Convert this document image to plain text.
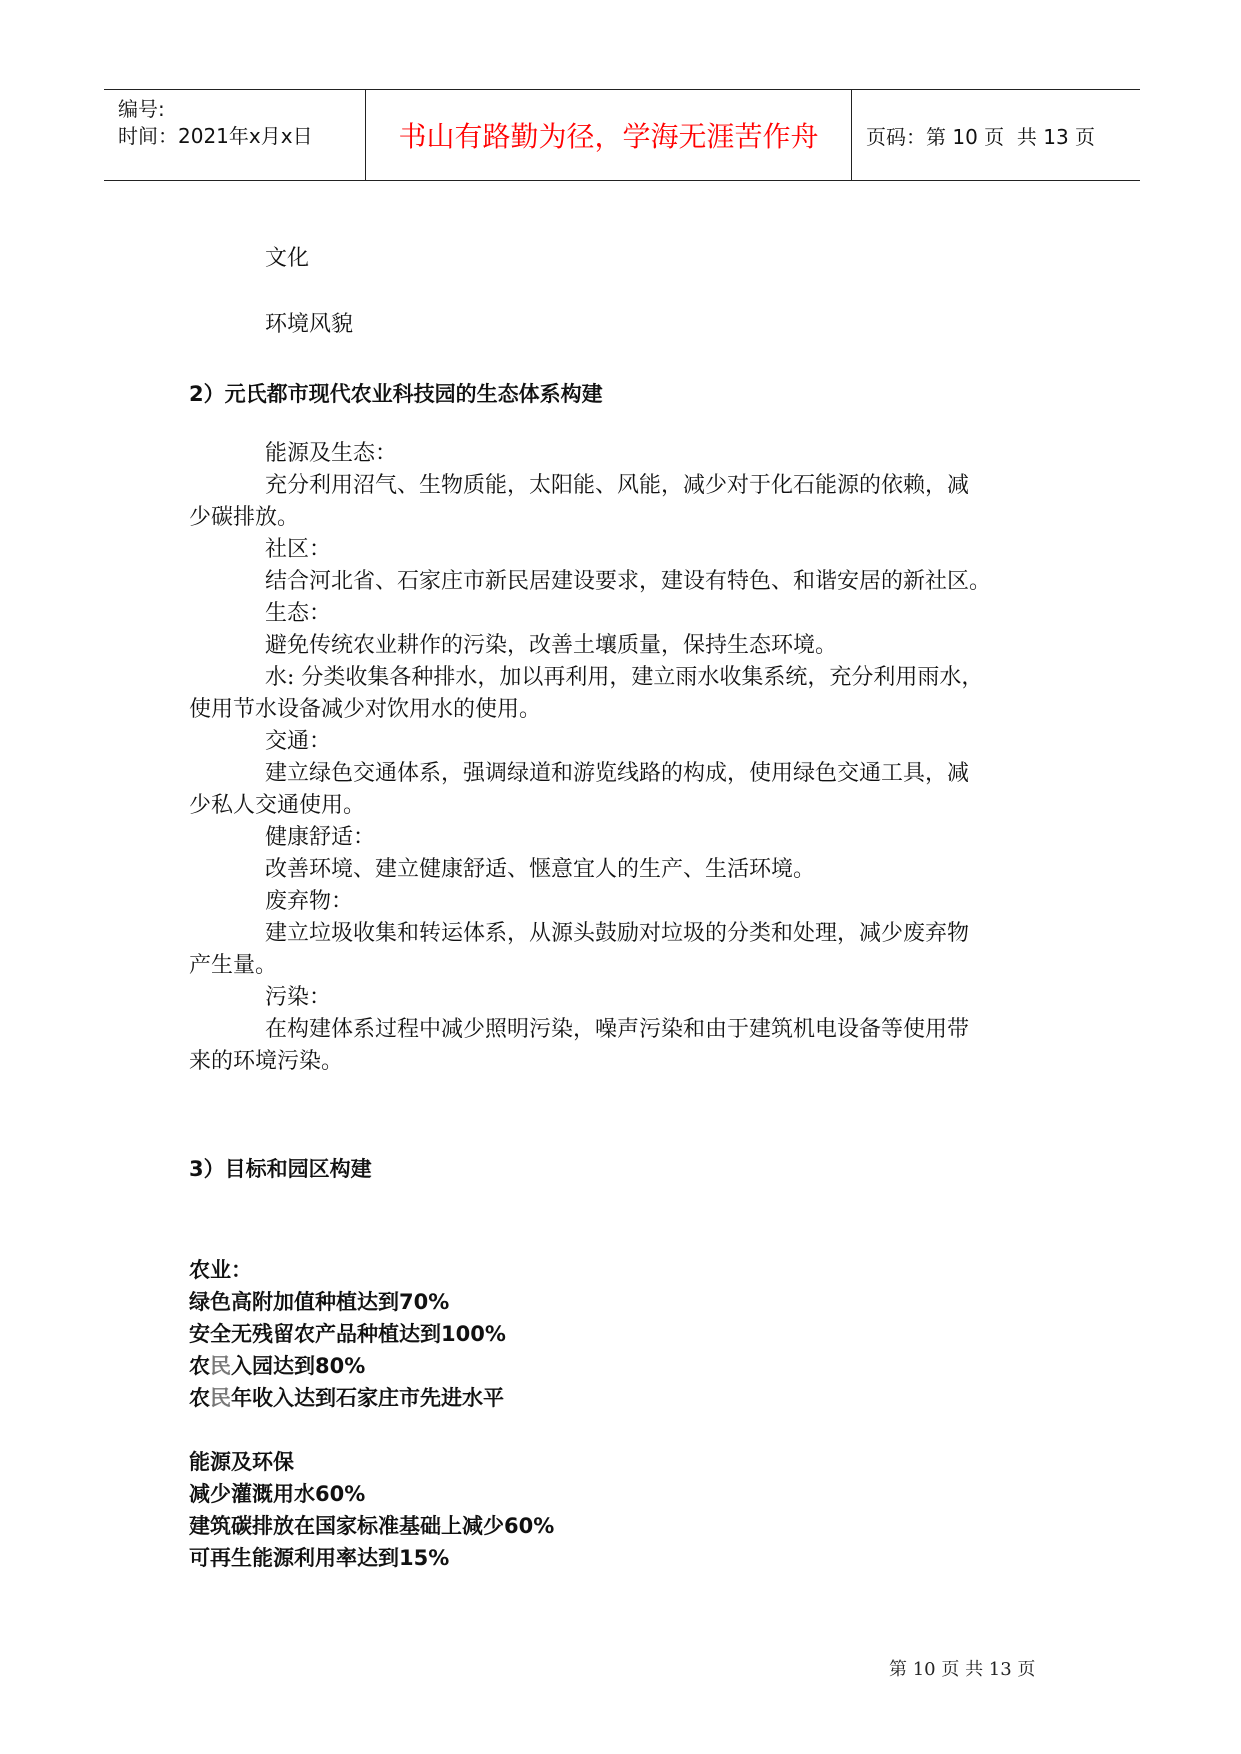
编号:
时间：2021年x月x日	书山有路勤为径，学海无涯苦作舟	页码：第 10 页  共 13 页
文化
环境风貌
2）元氏都市现代农业科技园的生态体系构建
能源及生态：
充分利用沼气、生物质能，太阳能、风能，减少对于化石能源的依赖，减
少碳排放。
社区：
结合河北省、石家庄市新民居建设要求，建设有特色、和谐安居的新社区。
生态：
避免传统农业耕作的污染，改善土壤质量，保持生态环境。
水: 分类收集各种排水，加以再利用，建立雨水收集系统，充分利用雨水，
使用节水设备减少对饮用水的使用。
交通：
建立绿色交通体系，强调绿道和游览线路的构成，使用绿色交通工具，减
少私人交通使用。
健康舒适：
改善环境、建立健康舒适、惬意宜人的生产、生活环境。
废弃物：
建立垃圾收集和转运体系，从源头鼓励对垃圾的分类和处理，减少废弃物
产生量。
污染：
在构建体系过程中减少照明污染，噪声污染和由于建筑机电设备等使用带
来的环境污染。
3）目标和园区构建
农业：
绿色高附加值种植达到70%
安全无残留农产品种植达到100%
农民入园达到80%
农民年收入达到石家庄市先进水平
能源及环保
减少灌溉用水60%
建筑碳排放在国家标准基础上减少60%
可再生能源利用率达到15%
第 10 页 共 13 页
